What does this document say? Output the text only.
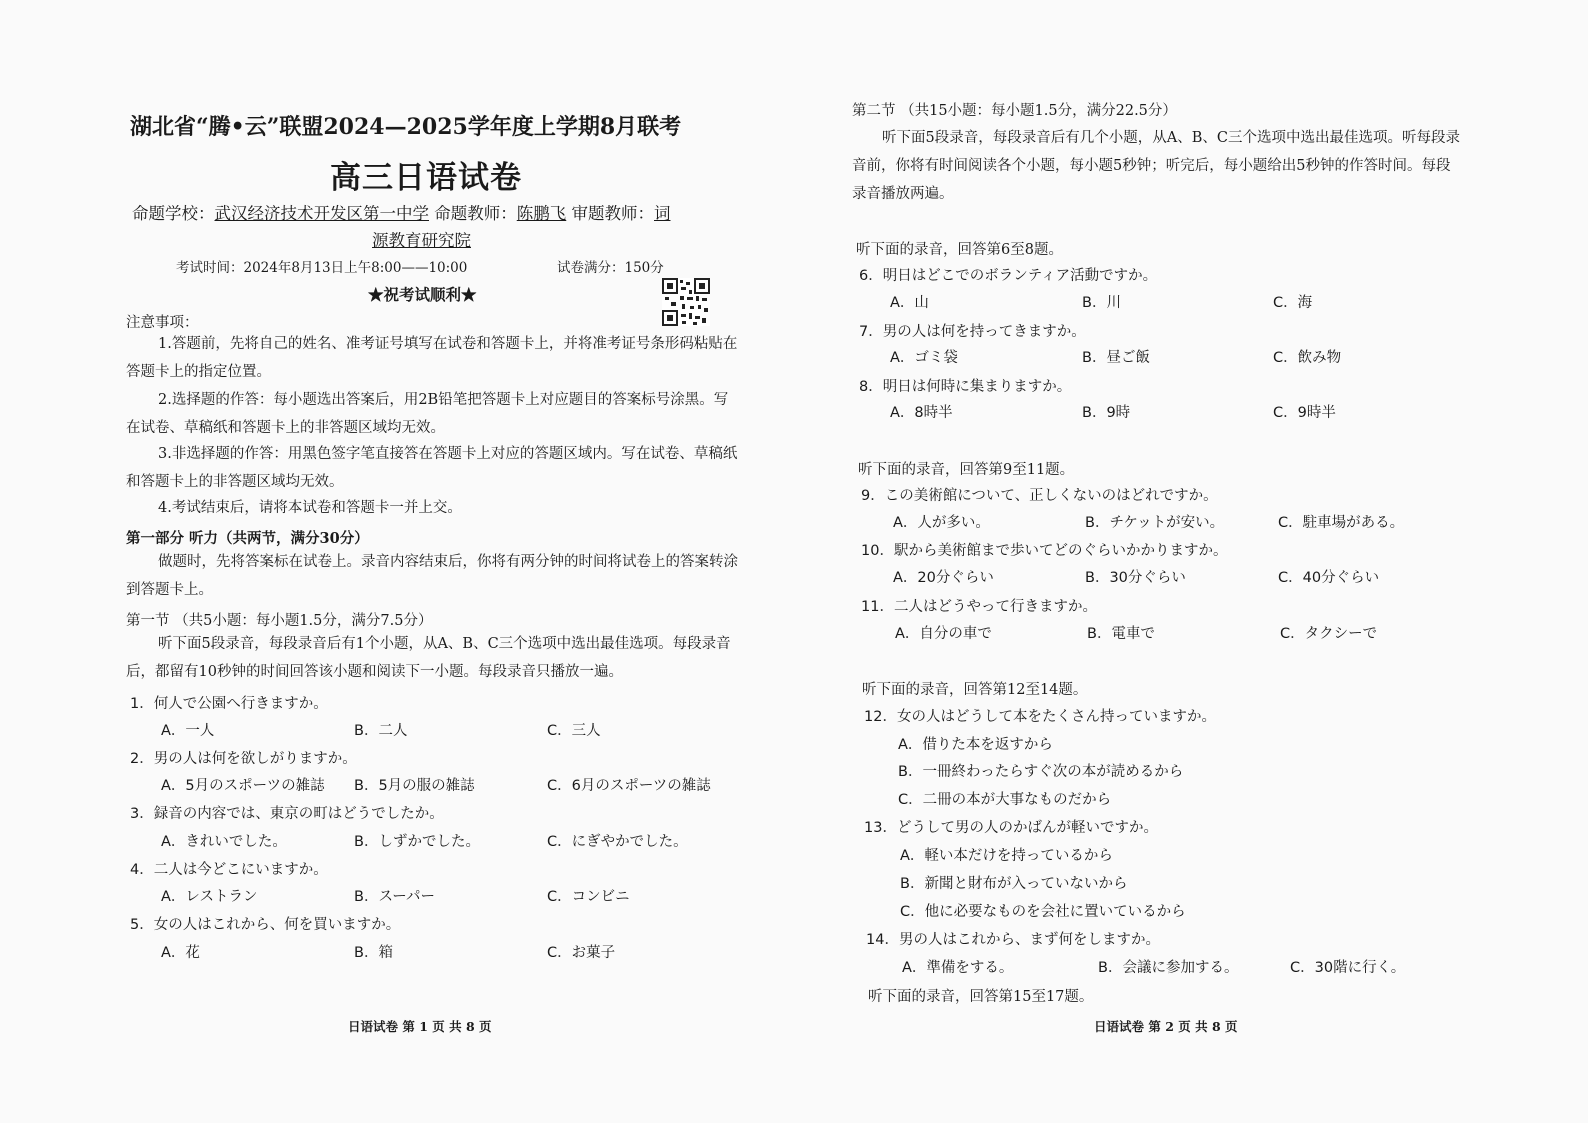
湖北省“腾•云”联盟2024—2025学年度上学期8月联考
高三日语试卷
命题学校：武汉经济技术开发区第一中学 命题教师：陈鹏飞 审题教师：词
源教育研究院
考试时间：2024年8月13日上午8:00——10:00	试卷满分：150分
★祝考试顺利★
注意事项：
1.答题前，先将自己的姓名、准考证号填写在试卷和答题卡上，并将准考证号条形码粘贴在答题卡上的指定位置。
2.选择题的作答：每小题选出答案后，用2B铅笔把答题卡上对应题目的答案标号涂黑。写在试卷、草稿纸和答题卡上的非答题区域均无效。
3.非选择题的作答：用黑色签字笔直接答在答题卡上对应的答题区域内。写在试卷、草稿纸和答题卡上的非答题区域均无效。
4.考试结束后，请将本试卷和答题卡一并上交。
第一部分 听力（共两节，满分30分）
做题时，先将答案标在试卷上。录音内容结束后，你将有两分钟的时间将试卷上的答案转涂到答题卡上。
第一节 （共5小题：每小题1.5分，满分7.5分）
听下面5段录音，每段录音后有1个小题，从A、B、C三个选项中选出最佳选项。每段录音后，都留有10秒钟的时间回答该小题和阅读下一小题。每段录音只播放一遍。
1．何人で公園へ行きますか。
A．一人	B．二人	C．三人
2．男の人は何を欲しがりますか。
A．5月のスポーツの雑誌 B．5月の服の雑誌	C．6月のスポーツの雑誌
3．録音の内容では、東京の町はどうでしたか。
A．きれいでした。	B．しずかでした。	C．にぎやかでした。
4．二人は今どこにいますか。
A．レストラン	B．スーパー	C．コンビニ
5．女の人はこれから、何を買いますか。
A．花	B．箱	C．お菓子
日语试卷 第 1 页 共 8 页
第二节 （共15小题：每小题1.5分，满分22.5分）
听下面5段录音，每段录音后有几个小题，从A、B、C三个选项中选出最佳选项。听每段录音前，你将有时间阅读各个小题，每小题5秒钟；听完后，每小题给出5秒钟的作答时间。每段录音播放两遍。
听下面的录音，回答第6至8题。
6．明日はどこでのボランティア活動ですか。
A．山	B．川	C．海
7．男の人は何を持ってきますか。
A．ゴミ袋	B．昼ご飯	C．飲み物
8．明日は何時に集まりますか。
A．8時半	B．9時	C．9時半
听下面的录音，回答第9至11题。
9．この美術館について、正しくないのはどれですか。
A．人が多い。	B．チケットが安い。	C．駐車場がある。
10．駅から美術館まで歩いてどのぐらいかかりますか。
A．20分ぐらい	B．30分ぐらい	C．40分ぐらい
11．二人はどうやって行きますか。
A．自分の車で	B．電車で	C．タクシーで
听下面的录音，回答第12至14题。
12．女の人はどうして本をたくさん持っていますか。
A．借りた本を返すから
B．一冊終わったらすぐ次の本が読めるから
C．二冊の本が大事なものだから
13．どうして男の人のかばんが軽いですか。
A．軽い本だけを持っているから
B．新聞と財布が入っていないから
C．他に必要なものを会社に置いているから
14．男の人はこれから、まず何をしますか。
A．準備をする。	B．会議に参加する。	C．30階に行く。
听下面的录音，回答第15至17题。
日语试卷 第 2 页 共 8 页
